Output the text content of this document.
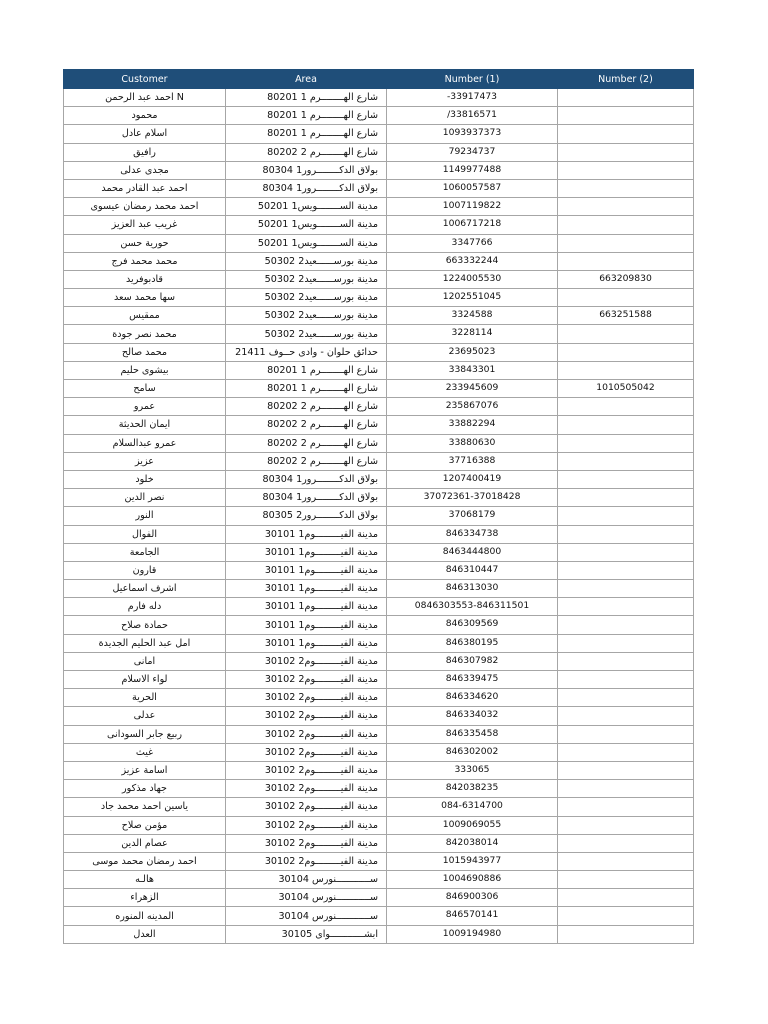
Customer	Area	Number (1)	Number (2)
N احمد عبد الرحمن	شارع الهــــــــرم 1 80201	-33917473	
محمود	شارع الهــــــــرم 1 80201	/33816571	
اسلام عادل	شارع الهــــــــرم 1 80201	1093937373	
رافيق	شارع الهــــــــرم 2 80202	79234737	
مجدى عدلى	بولاق الدكــــــــرور1 80304	1149977488	
احمد عبد القادر محمد	بولاق الدكــــــــرور1 80304	1060057587	
احمد محمد رمضان عيسوى	مدينة الســــــــويس1 50201	1007119822	
غريب عبد العزيز	مدينة الســــــــويس1 50201	1006717218	
حورية حسن	مدينة الســــــــويس1 50201	3347766	
محمد محمد فرج	مدينة بورســــــعيد2 50302	663332244	
قادبوفريد	مدينة بورســــــعيد2 50302	1224005530	663209830
سها محمد سعد	مدينة بورســــــعيد2 50302	1202551045	
ممقيس	مدينة بورســــــعيد2 50302	3324588	663251588
محمد نصر جودة	مدينة بورســــــعيد2 50302	3228114	
محمد صالح	حدائق حلوان - وادى حــوف 21411	23695023	
بيشوى حليم	شارع الهــــــــرم 1 80201	33843301	
سامح	شارع الهــــــــرم 1 80201	233945609	1010505042
عمرو	شارع الهــــــــرم 2 80202	235867076	
ايمان الحديثة	شارع الهــــــــرم 2 80202	33882294	
عمرو عبدالسلام	شارع الهــــــــرم 2 80202	33880630	
عزيز	شارع الهــــــــرم 2 80202	37716388	
خلود	بولاق الدكــــــــرور1 80304	1207400419	
نصر الدين	بولاق الدكــــــــرور1 80304	37072361-37018428	
النور	بولاق الدكــــــــرور2 80305	37068179	
الفوال	مدينة الفيـــــــــوم1 30101	846334738	
الجامعة	مدينة الفيـــــــــوم1 30101	8463444800	
قارون	مدينة الفيـــــــــوم1 30101	846310447	
اشرف اسماعيل	مدينة الفيـــــــــوم1 30101	846313030	
دله فارم	مدينة الفيـــــــــوم1 30101	0846303553-846311501	
حمادة صلاح	مدينة الفيـــــــــوم1 30101	846309569	
امل عبد الحليم الجديدة	مدينة الفيـــــــــوم1 30101	846380195	
امانى	مدينة الفيـــــــــوم2 30102	846307982	
لواء الاسلام	مدينة الفيـــــــــوم2 30102	846339475	
الحرية	مدينة الفيـــــــــوم2 30102	846334620	
عدلى	مدينة الفيـــــــــوم2 30102	846334032	
ربيع جابر السودانى	مدينة الفيـــــــــوم2 30102	846335458	
غيث	مدينة الفيـــــــــوم2 30102	846302002	
اسامة عزيز	مدينة الفيـــــــــوم2 30102	333065	
جهاد مذكور	مدينة الفيـــــــــوم2 30102	842038235	
ياسين احمد محمد جاد	مدينة الفيـــــــــوم2 30102	084-6314700	
مؤمن صلاح	مدينة الفيـــــــــوم2 30102	1009069055	
عصام الدين	مدينة الفيـــــــــوم2 30102	842038014	
احمد رمضان محمد موسى	مدينة الفيـــــــــوم2 30102	1015943977	
هالـه	ســــــــــــنورس 30104	1004690886	
الزهراء	ســــــــــــنورس 30104	846900306	
المدينه المنوره	ســــــــــــنورس 30104	846570141	
العدل	ابشــــــــــــواى 30105	1009194980	
